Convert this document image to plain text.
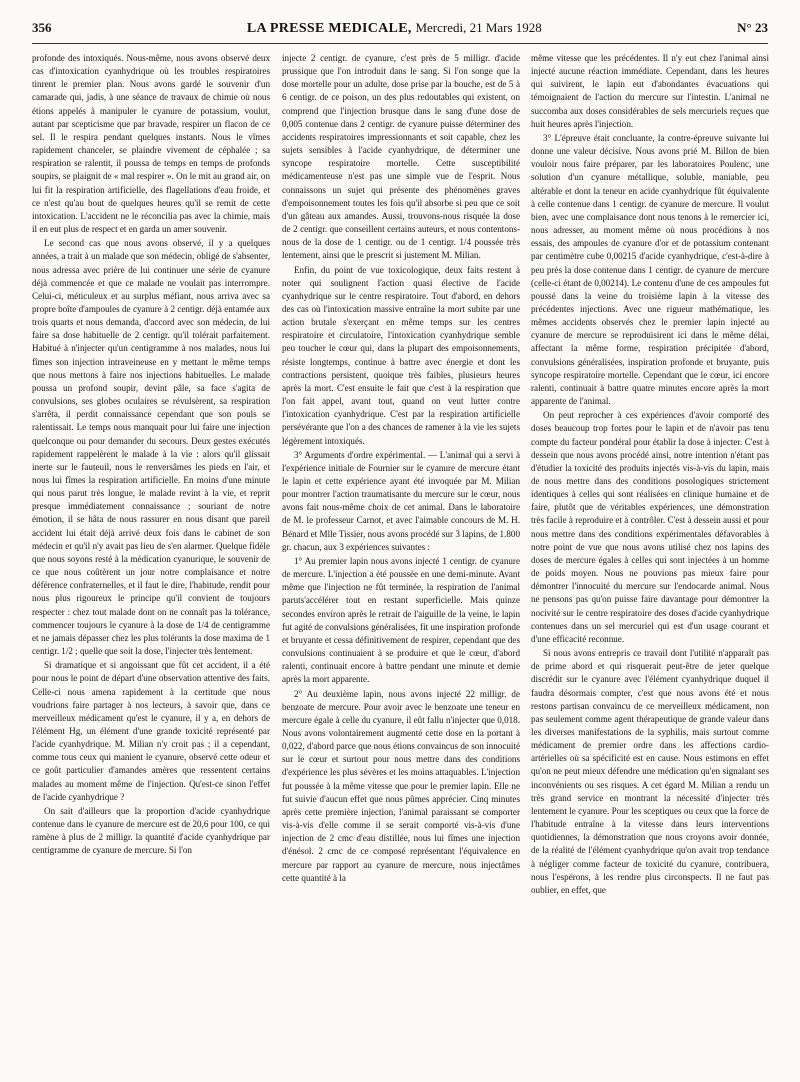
356	LA PRESSE MEDICALE, Mercredi, 21 Mars 1928	N° 23

profonde des intoxiqués. Nous-même, nous avons observé deux cas d'intoxication cyanhydrique où les troubles respiratoires tinrent le premier plan. Nous avons gardé le souvenir d'un camarade qui, jadis, à une séance de travaux de chimie où nous étions appelés à manipuler le cyanure de potassium, voulut, autant par scepticisme que par bravade, respirer un flacon de ce sel. Il le respira pendant quelques instants. Nous le vîmes rapidement chanceler, se plaindre vivement de céphalée ; sa respiration se ralentit, il poussa de temps en temps de profonds soupirs, se plaignit de « mal respirer ». On le mit au grand air, on lui fit la respiration artificielle, des flagellations d'eau froide, et ce n'est qu'au bout de quelques heures qu'il se remit de cette intoxication. L'accident ne le réconcilia pas avec la chimie, mais il en eut plus de respect et en garda un amer souvenir.

Le second cas que nous avons observé, il y a quelques années, a trait à un malade que son médecin, obligé de s'absenter, nous adressa avec prière de lui continuer une série de cyanure déjà commencée et que ce malade ne voulait pas interrompre. Celui-ci, méticuleux et au surplus méfiant, nous arriva avec sa propre boîte d'ampoules de cyanure à 2 centigr. déjà entamée aux trois quarts et nous demanda, d'accord avec son médecin, de lui faire sa dose habituelle de 2 centigr. qu'il tolérait parfaitement. Habitué à n'injecter qu'un centigramme à nos malades, nous lui fîmes son injection intraveineuse en y mettant le même temps que nous mettons à faire nos injections habituelles. Le malade poussa un profond soupir, devint pâle, sa face s'agita de convulsions, ses globes oculaires se révulsèrent, sa respiration s'arrêta, il perdit connaissance cependant que son pouls se ralentissait. Le temps nous manquait pour lui faire une injection quelconque ou pour demander du secours. Deux gestes exécutés rapidement rappelèrent le malade à la vie : alors qu'il glissait inerte sur le fauteuil, nous le renversâmes les pieds en l'air, et nous lui fîmes la respiration artificielle. En moins d'une minute qui nous parut très longue, le malade revint à la vie, et reprit presque immédiatement connaissance ; souriant de notre émotion, il se hâta de nous rassurer en nous disant que pareil accident lui était déjà arrivé deux fois dans le cabinet de son médecin et qu'il n'y avait pas lieu de s'en alarmer. Quelque fidèle que nous soyons resté à la médication cyanurique, le souvenir de ce que nous coûtèrent un jour notre complaisance et notre déférence confraternelles, et il faut le dire, l'habitude, rendit pour nous plus rigoureux le principe qu'il convient de toujours respecter : chez tout malade dont on ne connaît pas la tolérance, commencer toujours le cyanure à la dose de 1/4 de centigramme et ne jamais dépasser chez les plus tolérants la dose maxima de 1 centigr. 1/2 ; quelle que soit la dose, l'injecter très lentement.

Si dramatique et si angoissant que fût cet accident, il a été pour nous le point de départ d'une observation attentive des faits. Celle-ci nous amena rapidement à la certitude que nous voudrions faire partager à nos lecteurs, à savoir que, dans ce merveilleux médicament qu'est le cyanure, il y a, en dehors de l'élément Hg, un élément d'une grande toxicité représenté par l'acide cyanhydrique. M. Milian n'y croit pas ; il a cependant, comme tous ceux qui manient le cyanure, observé cette odeur et ce goût particulier d'amandes amères que ressentent certains malades au moment même de l'injection. Qu'est-ce sinon l'effet de l'acide cyanhydrique ?

On sait d'ailleurs que la proportion d'acide cyanhydrique contenue dans le cyanure de mercure est de 20,6 pour 100, ce qui ramène à plus de 2 milligr. la quantité d'acide cyanhydrique par centigramme de cyanure de mercure. Si l'on

injecte 2 centigr. de cyanure, c'est près de 5 milligr. d'acide prussique que l'on introduit dans le sang. Si l'on songe que la dose mortelle pour un adulte, dose prise par la bouche, est de 5 à 6 centigr. de ce poison, un des plus redoutables qui existent, on comprend que l'injection brusque dans le sang d'une dose de 0,005 contenue dans 2 centigr. de cyanure puisse déterminer des accidents respiratoires impressionnants et soit capable, chez les sujets sensibles à l'acide cyanhydrique, de déterminer une syncope respiratoire mortelle. Cette susceptibilité médicamenteuse n'est pas une simple vue de l'esprit. Nous connaissons un sujet qui présente des phénomènes graves d'empoisonnement toutes les fois qu'il absorbe si peu que ce soit d'un gâteau aux amandes. Aussi, trouvons-nous risquée la dose de 2 centigr. que conseillent certains auteurs, et nous contentons-nous de la dose de 1 centigr. ou de 1 centigr. 1/4 poussée très lentement, ainsi que le prescrit si justement M. Milian.

Enfin, du point de vue toxicologique, deux faits restent à noter qui soulignent l'action quasi élective de l'acide cyanhydrique sur le centre respiratoire. Tout d'abord, en dehors des cas où l'intoxication massive entraîne la mort subite par une action brutale s'exerçant en même temps sur les centres respiratoire et circulatoire, l'intoxication cyanhydrique semble peu toucher le cœur qui, dans la plupart des empoisonnements, résiste longtemps, continue à battre avec énergie et dont les contractions persistent, quoique très faibles, plusieurs heures après la mort. C'est ensuite le fait que c'est à la respiration que l'on fait appel, avant tout, quand on veut lutter contre l'intoxication cyanhydrique. C'est par la respiration artificielle persévérante que l'on a des chances de ramener à la vie les sujets légèrement intoxiqués.

3° Arguments d'ordre expérimental. — L'animal qui a servi à l'expérience initiale de Fournier sur le cyanure de mercure étant le lapin et cette expérience ayant été invoquée par M. Milian pour montrer l'action traumatisante du mercure sur le cœur, nous avons fait nous-même choix de cet animal. Dans le laboratoire de M. le professeur Carnot, et avec l'aimable concours de M. H. Bénard et Mlle Tissier, nous avons procédé sur 3 lapins, de 1.800 gr. chacun, aux 3 expériences suivantes :

1° Au premier lapin nous avons injecté 1 centigr. de cyanure de mercure. L'injection a été poussée en une demi-minute. Avant même que l'injection ne fût terminée, la respiration de l'animal paruts'accélérer tout en restant superficielle. Mais quinze secondes environ après le retrait de l'aiguille de la veine, le lapin fut agité de convulsions généralisées, fit une inspiration profonde et bruyante et cessa définitivement de respirer, cependant que des convulsions continuaient à se produire et que le cœur, d'abord ralenti, continuait encore à battre pendant une minute et demie après la mort apparente.

2° Au deuxième lapin, nous avons injecté 22 milligr. de benzoate de mercure. Pour avoir avec le benzoate une teneur en mercure égale à celle du cyanure, il eût fallu n'injecter que 0,018. Nous avons volontairement augmenté cette dose en la portant à 0,022, d'abord parce que nous étions convaincus de son innocuité sur le cœur et surtout pour nous mettre dans des conditions d'expérience les plus sévères et les moins attaquables. L'injection fut poussée à la même vitesse que pour le premier lapin. Elle ne fut suivie d'aucun effet que nous pûmes apprécier. Cinq minutes après cette première injection, l'animal paraissant se comporter vis-à-vis d'elle comme il se serait comporté vis-à-vis d'une injection de 2 cmc d'eau distillée, nous lui fîmes une injection d'énésol. 2 cmc de ce composé représentant l'équivalence en mercure par rapport au cyanure de mercure, nous injectâmes cette quantité à la

même vitesse que les précédentes. Il n'y eut chez l'animal ainsi injecté aucune réaction immédiate. Cependant, dans les heures qui suivirent, le lapin eut d'abondantes évacuations qui témoignaient de l'action du mercure sur l'intestin. L'animal ne succomba aux doses considérables de sels mercuriels reçues que huit heures après l'injection.

3° L'épreuve était concluante, la contre-épreuve suivante lui donne une valeur décisive. Nous avons prié M. Billon de bien vouloir nous faire préparer, par les laboratoires Poulenc, une solution d'un cyanure métallique, soluble, maniable, peu altérable et dont la teneur en acide cyanhydrique fût équivalente à celle contenue dans 1 centigr. de cyanure de mercure. Il voulut bien, avec une complaisance dont nous tenons à le remercier ici, nous adresser, au moment même où nous procédions à nos essais, des ampoules de cyanure d'or et de potassium contenant par centimètre cube 0,00215 d'acide cyanhydrique, c'est-à-dire à peu près la dose contenue dans 1 centigr. de cyanure de mercure (celle-ci étant de 0,00214). Le contenu d'une de ces ampoules fut poussé dans la veine du troisième lapin à la vitesse des précédentes injections. Avec une rigueur mathématique, les mêmes accidents observés chez le premier lapin injecté au cyanure de mercure se reproduisirent ici dans le même délai, affectant la même forme, respiration précipitée d'abord, convulsions généralisées, inspiration profonde et bruyante, puis syncope respiratoire mortelle. Cependant que le cœur, ici encore ralenti, continuait à battre quatre minutes encore après la mort apparente de l'animal.

On peut reprocher à ces expériences d'avoir comporté des doses beaucoup trop fortes pour le lapin et de n'avoir pas tenu compte du facteur pondéral pour établir la dose à injecter. C'est à dessein que nous avons procédé ainsi, notre intention n'étant pas d'étudier la toxicité des produits injectés vis-à-vis du lapin, mais de nous mettre dans des conditions posologiques strictement identiques à celles qui sont réalisées en clinique humaine et de faire, plutôt que de véritables expériences, une démonstration très facile à reproduire et à contrôler. C'est à dessein aussi et pour nous mettre dans des conditions expérimentales défavorables à notre point de vue que nous avons utilisé chez nos lapins des doses de mercure égales à celles qui sont injectées à un homme de poids moyen. Nous ne pouvions pas mieux faire pour démontrer l'innocuité du mercure sur l'endocarde animal. Nous ne pensons pas qu'on puisse faire davantage pour démontrer la nocivité sur le centre respiratoire des doses d'acide cyanhydrique contenues dans un sel mercuriel qui est d'un usage courant et d'une efficacité reconnue.

Si nous avons entrepris ce travail dont l'utilité n'apparaît pas de prime abord et qui risquerait peut-être de jeter quelque discrédit sur le cyanure avec l'élément cyanhydrique duquel il faudra désormais compter, c'est que nous avons été et nous restons partisan convaincu de ce merveilleux médicament, non pas seulement comme agent thérapeutique de grande valeur dans les diverses manifestations de la syphilis, mais surtout comme médicament de premier ordre dans les affections cardio-artérielles où sa spécificité est en cause. Nous estimons en effet qu'on ne peut mieux défendre une médication qu'en signalant ses inconvénients ou ses risques. A cet égard M. Milian a rendu un très grand service en montrant la nécessité d'injecter très lentement le cyanure. Pour les sceptiques ou ceux que la force de l'habitude entraîne à la vitesse dans leurs interventions quotidiennes, la démonstration que nous croyons avoir donnée, de la réalité de l'élément cyanhydrique qu'on avait trop tendance à négliger comme facteur de toxicité du cyanure, contribuera, nous l'espérons, à les rendre plus circonspects. Il ne faut pas oublier, en effet, que
